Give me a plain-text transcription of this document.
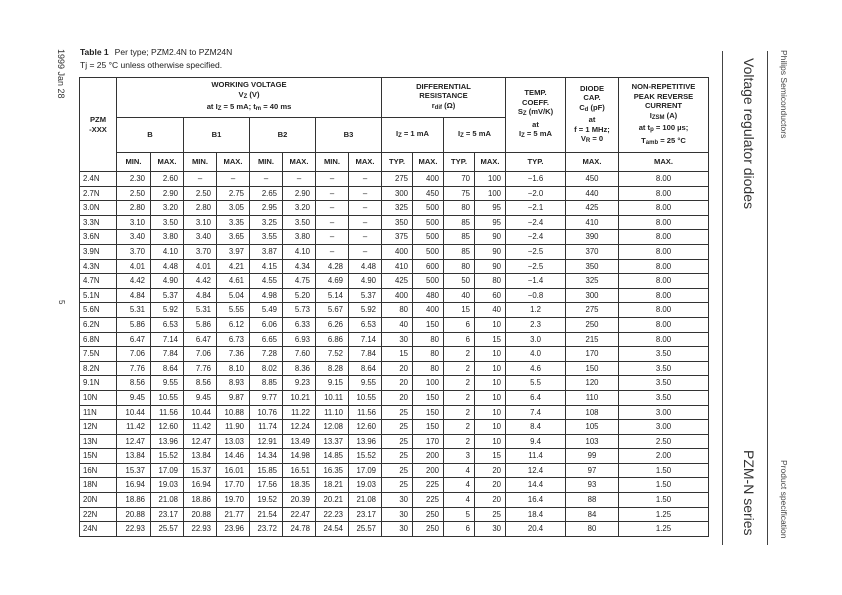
1999 Jan 28
5
Table 1 Per type; PZM2.4N to PZM24N
Tj = 25 °C unless otherwise specified.	Voltage regulator diodes
PZM-N series
Philips Semiconductors
Product specification
PZM
-XXX

WORKING VOLTAGE
$V_Z$ (V)
at $I_Z = 5$ mA; $t_m = 40$ ms

DIFFERENTIAL
RESISTANCE
$r_{dif}$ (Ω)

TEMP.
COEFF.
$S_Z$ (mV/K)
at
$I_Z = 5$ mA

DIODE
CAP.
$C_d$ (pF)
at
f = 1 MHz;
$V_R = 0$

NON-REPETITIVE
PEAK REVERSE
CURRENT
$I_{ZSM}$ (A)
at $t_p = 100$ µs;
$T_{amb} = 25$ °C

	B		B1		B2		B3		$I_Z = 1$ mA		$I_Z = 5$ mA				
	MIN.	MAX.	MIN.	MAX.	MIN.	MAX.	MIN.	MAX.	TYP.	MAX.	TYP.	MAX.	TYP.	MAX.	MAX.
2.4N	2.30	2.60	–	–	–	–	–	–	275	400	70	100	−1.6	450	8.00
2.7N	2.50	2.90	2.50	2.75	2.65	2.90	–	–	300	450	75	100	−2.0	440	8.00
3.0N	2.80	3.20	2.80	3.05	2.95	3.20	–	–	325	500	80	95	−2.1	425	8.00
3.3N	3.10	3.50	3.10	3.35	3.25	3.50	–	–	350	500	85	95	−2.4	410	8.00
3.6N	3.40	3.80	3.40	3.65	3.55	3.80	–	–	375	500	85	90	−2.4	390	8.00
3.9N	3.70	4.10	3.70	3.97	3.87	4.10	–	–	400	500	85	90	−2.5	370	8.00
4.3N	4.01	4.48	4.01	4.21	4.15	4.34	4.28	4.48	410	600	80	90	−2.5	350	8.00
4.7N	4.42	4.90	4.42	4.61	4.55	4.75	4.69	4.90	425	500	50	80	−1.4	325	8.00
5.1N	4.84	5.37	4.84	5.04	4.98	5.20	5.14	5.37	400	480	40	60	−0.8	300	8.00
5.6N	5.31	5.92	5.31	5.55	5.49	5.73	5.67	5.92	80	400	15	40	1.2	275	8.00
6.2N	5.86	6.53	5.86	6.12	6.06	6.33	6.26	6.53	40	150	6	10	2.3	250	8.00
6.8N	6.47	7.14	6.47	6.73	6.65	6.93	6.86	7.14	30	80	6	15	3.0	215	8.00
7.5N	7.06	7.84	7.06	7.36	7.28	7.60	7.52	7.84	15	80	2	10	4.0	170	3.50
8.2N	7.76	8.64	7.76	8.10	8.02	8.36	8.28	8.64	20	80	2	10	4.6	150	3.50
9.1N	8.56	9.55	8.56	8.93	8.85	9.23	9.15	9.55	20	100	2	10	5.5	120	3.50
10N	9.45	10.55	9.45	9.87	9.77	10.21	10.11	10.55	20	150	2	10	6.4	110	3.50
11N	10.44	11.56	10.44	10.88	10.76	11.22	11.10	11.56	25	150	2	10	7.4	108	3.00
12N	11.42	12.60	11.42	11.90	11.74	12.24	12.08	12.60	25	150	2	10	8.4	105	3.00
13N	12.47	13.96	12.47	13.03	12.91	13.49	13.37	13.96	25	170	2	10	9.4	103	2.50
15N	13.84	15.52	13.84	14.46	14.34	14.98	14.85	15.52	25	200	3	15	11.4	99	2.00
16N	15.37	17.09	15.37	16.01	15.85	16.51	16.35	17.09	25	200	4	20	12.4	97	1.50
18N	16.94	19.03	16.94	17.70	17.56	18.35	18.21	19.03	25	225	4	20	14.4	93	1.50
20N	18.86	21.08	18.86	19.70	19.52	20.39	20.21	21.08	30	225	4	20	16.4	88	1.50
22N	20.88	23.17	20.88	21.77	21.54	22.47	22.23	23.17	30	250	5	25	18.4	84	1.25
24N	22.93	25.57	22.93	23.96	23.72	24.78	24.54	25.57	30	250	6	30	20.4	80	1.25
